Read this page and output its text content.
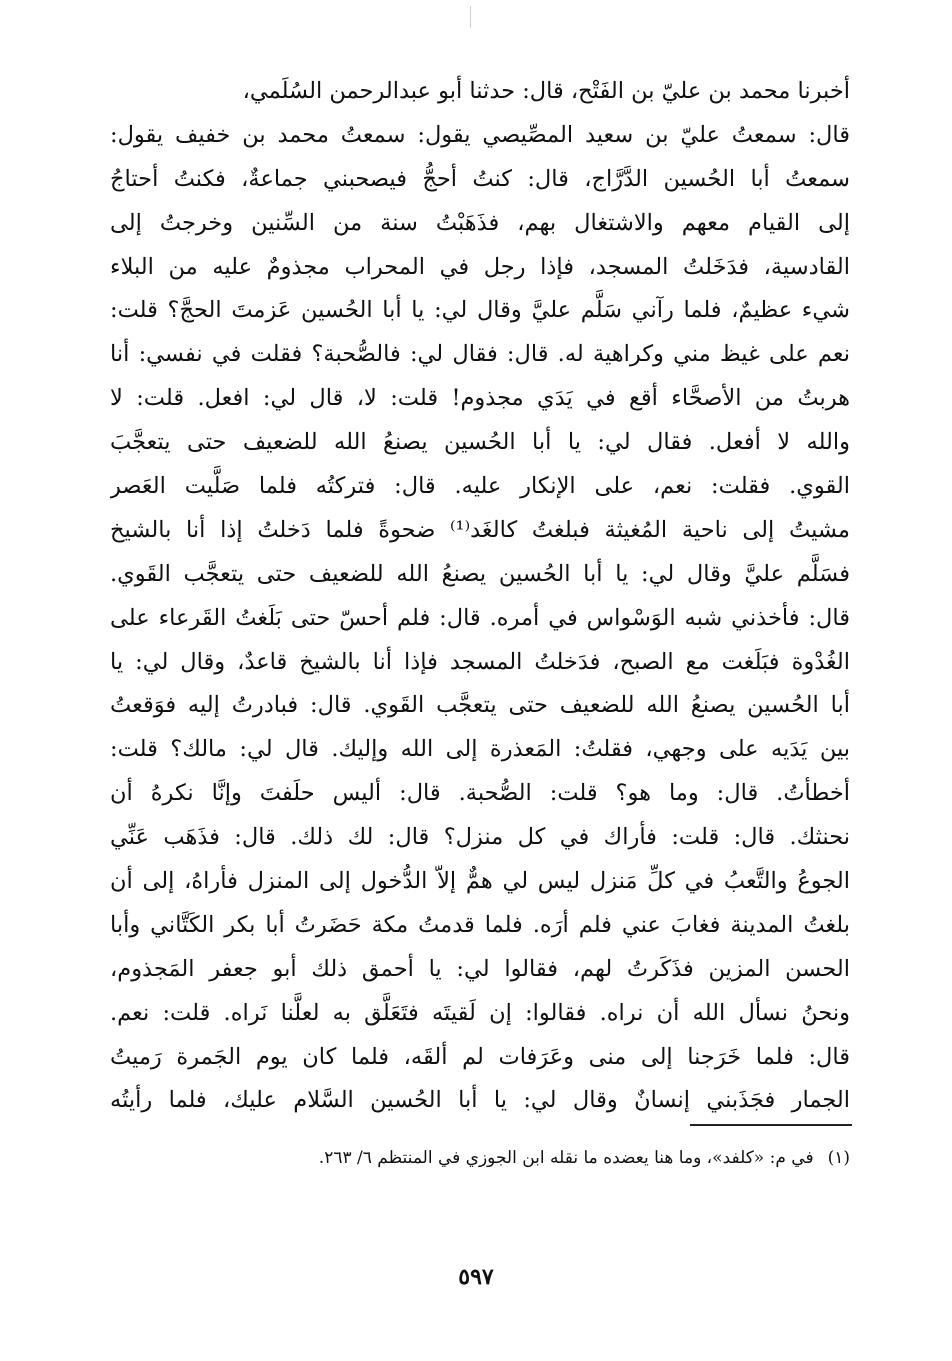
أخبرنا محمد بن عليّ بن الفَتْح، قال: حدثنا أبو عبدالرحمن السُلَمي،
قال: سمعتُ عليّ بن سعيد المصِّيصي يقول: سمعتُ محمد بن خفيف يقول:
سمعتُ أبا الحُسين الدَّرَّاج، قال: كنتُ أحجُّ فيصحبني جماعةٌ، فكنتُ أحتاجُ
إلى القيام معهم والاشتغال بهم، فذَهَبْتُ سنة من السِّنين وخرجتُ إلى
القادسية، فدَخَلتُ المسجد، فإذا رجل في المحراب مجذومٌ عليه من البلاء
شيء عظيمٌ، فلما رآني سَلَّم عليَّ وقال لي: يا أبا الحُسين عَزمتَ الحجَّ؟ قلت:
نعم على غيظ مني وكراهية له. قال: فقال لي: فالصُّحبة؟ فقلت في نفسي: أنا
هربتُ من الأصحَّاء أقع في يَدَي مجذوم! قلت: لا، قال لي: افعل. قلت: لا
والله لا أفعل. فقال لي: يا أبا الحُسين يصنعُ الله للضعيف حتى يتعجَّبَ
القوي. فقلت: نعم، على الإنكار عليه. قال: فتركتُه فلما صَلَّيت العَصر
مشيتُ إلى ناحية المُغيثة فبلغتُ كالغَد⁽¹⁾ ضحوةً فلما دَخلتُ إذا أنا بالشيخ
فسَلَّم عليَّ وقال لي: يا أبا الحُسين يصنعُ الله للضعيف حتى يتعجَّب القَوي.
قال: فأخذني شبه الوَسْواس في أمره. قال: فلم أحسّ حتى بَلَغتُ القَرعاء على
الغُدْوة فبَلَغت مع الصبح، فدَخلتُ المسجد فإذا أنا بالشيخ قاعدٌ، وقال لي: يا
أبا الحُسين يصنعُ الله للضعيف حتى يتعجَّب القَوي. قال: فبادرتُ إليه فوَقعتُ
بين يَدَيه على وجهي، فقلتُ: المَعذرة إلى الله وإليك. قال لي: مالك؟ قلت:
أخطأتُ. قال: وما هو؟ قلت: الصُّحبة. قال: أليس حلَفتَ وإنَّا نكرهُ أن
نحنثك. قال: قلت: فأراك في كل منزل؟ قال: لك ذلك. قال: فذَهَب عَنِّي
الجوعُ والتَّعبُ في كلِّ مَنزل ليس لي همٌّ إلاّ الدُّخول إلى المنزل فأراهُ، إلى أن
بلغتُ المدينة فغابَ عني فلم أرَه. فلما قدمتُ مكة حَضَرتُ أبا بكر الكَتَّاني وأبا
الحسن المزين فذَكَرتُ لهم، فقالوا لي: يا أحمق ذلك أبو جعفر المَجذوم،
ونحنُ نسأل الله أن نراه. فقالوا: إن لَقيتَه فتَعَلَّق به لعلَّنا نَراه. قلت: نعم.
قال: فلما خَرَجنا إلى منى وعَرَفات لم ألقَه، فلما كان يوم الجَمرة رَميتُ
الجمار فجَذَبني إنسانٌ وقال لي: يا أبا الحُسين السَّلام عليك، فلما رأيتُه
(١)في م: «كلفد»، وما هنا يعضده ما نقله ابن الجوزي في المنتظم ٦/ ٢٦٣.
٥٩٧
